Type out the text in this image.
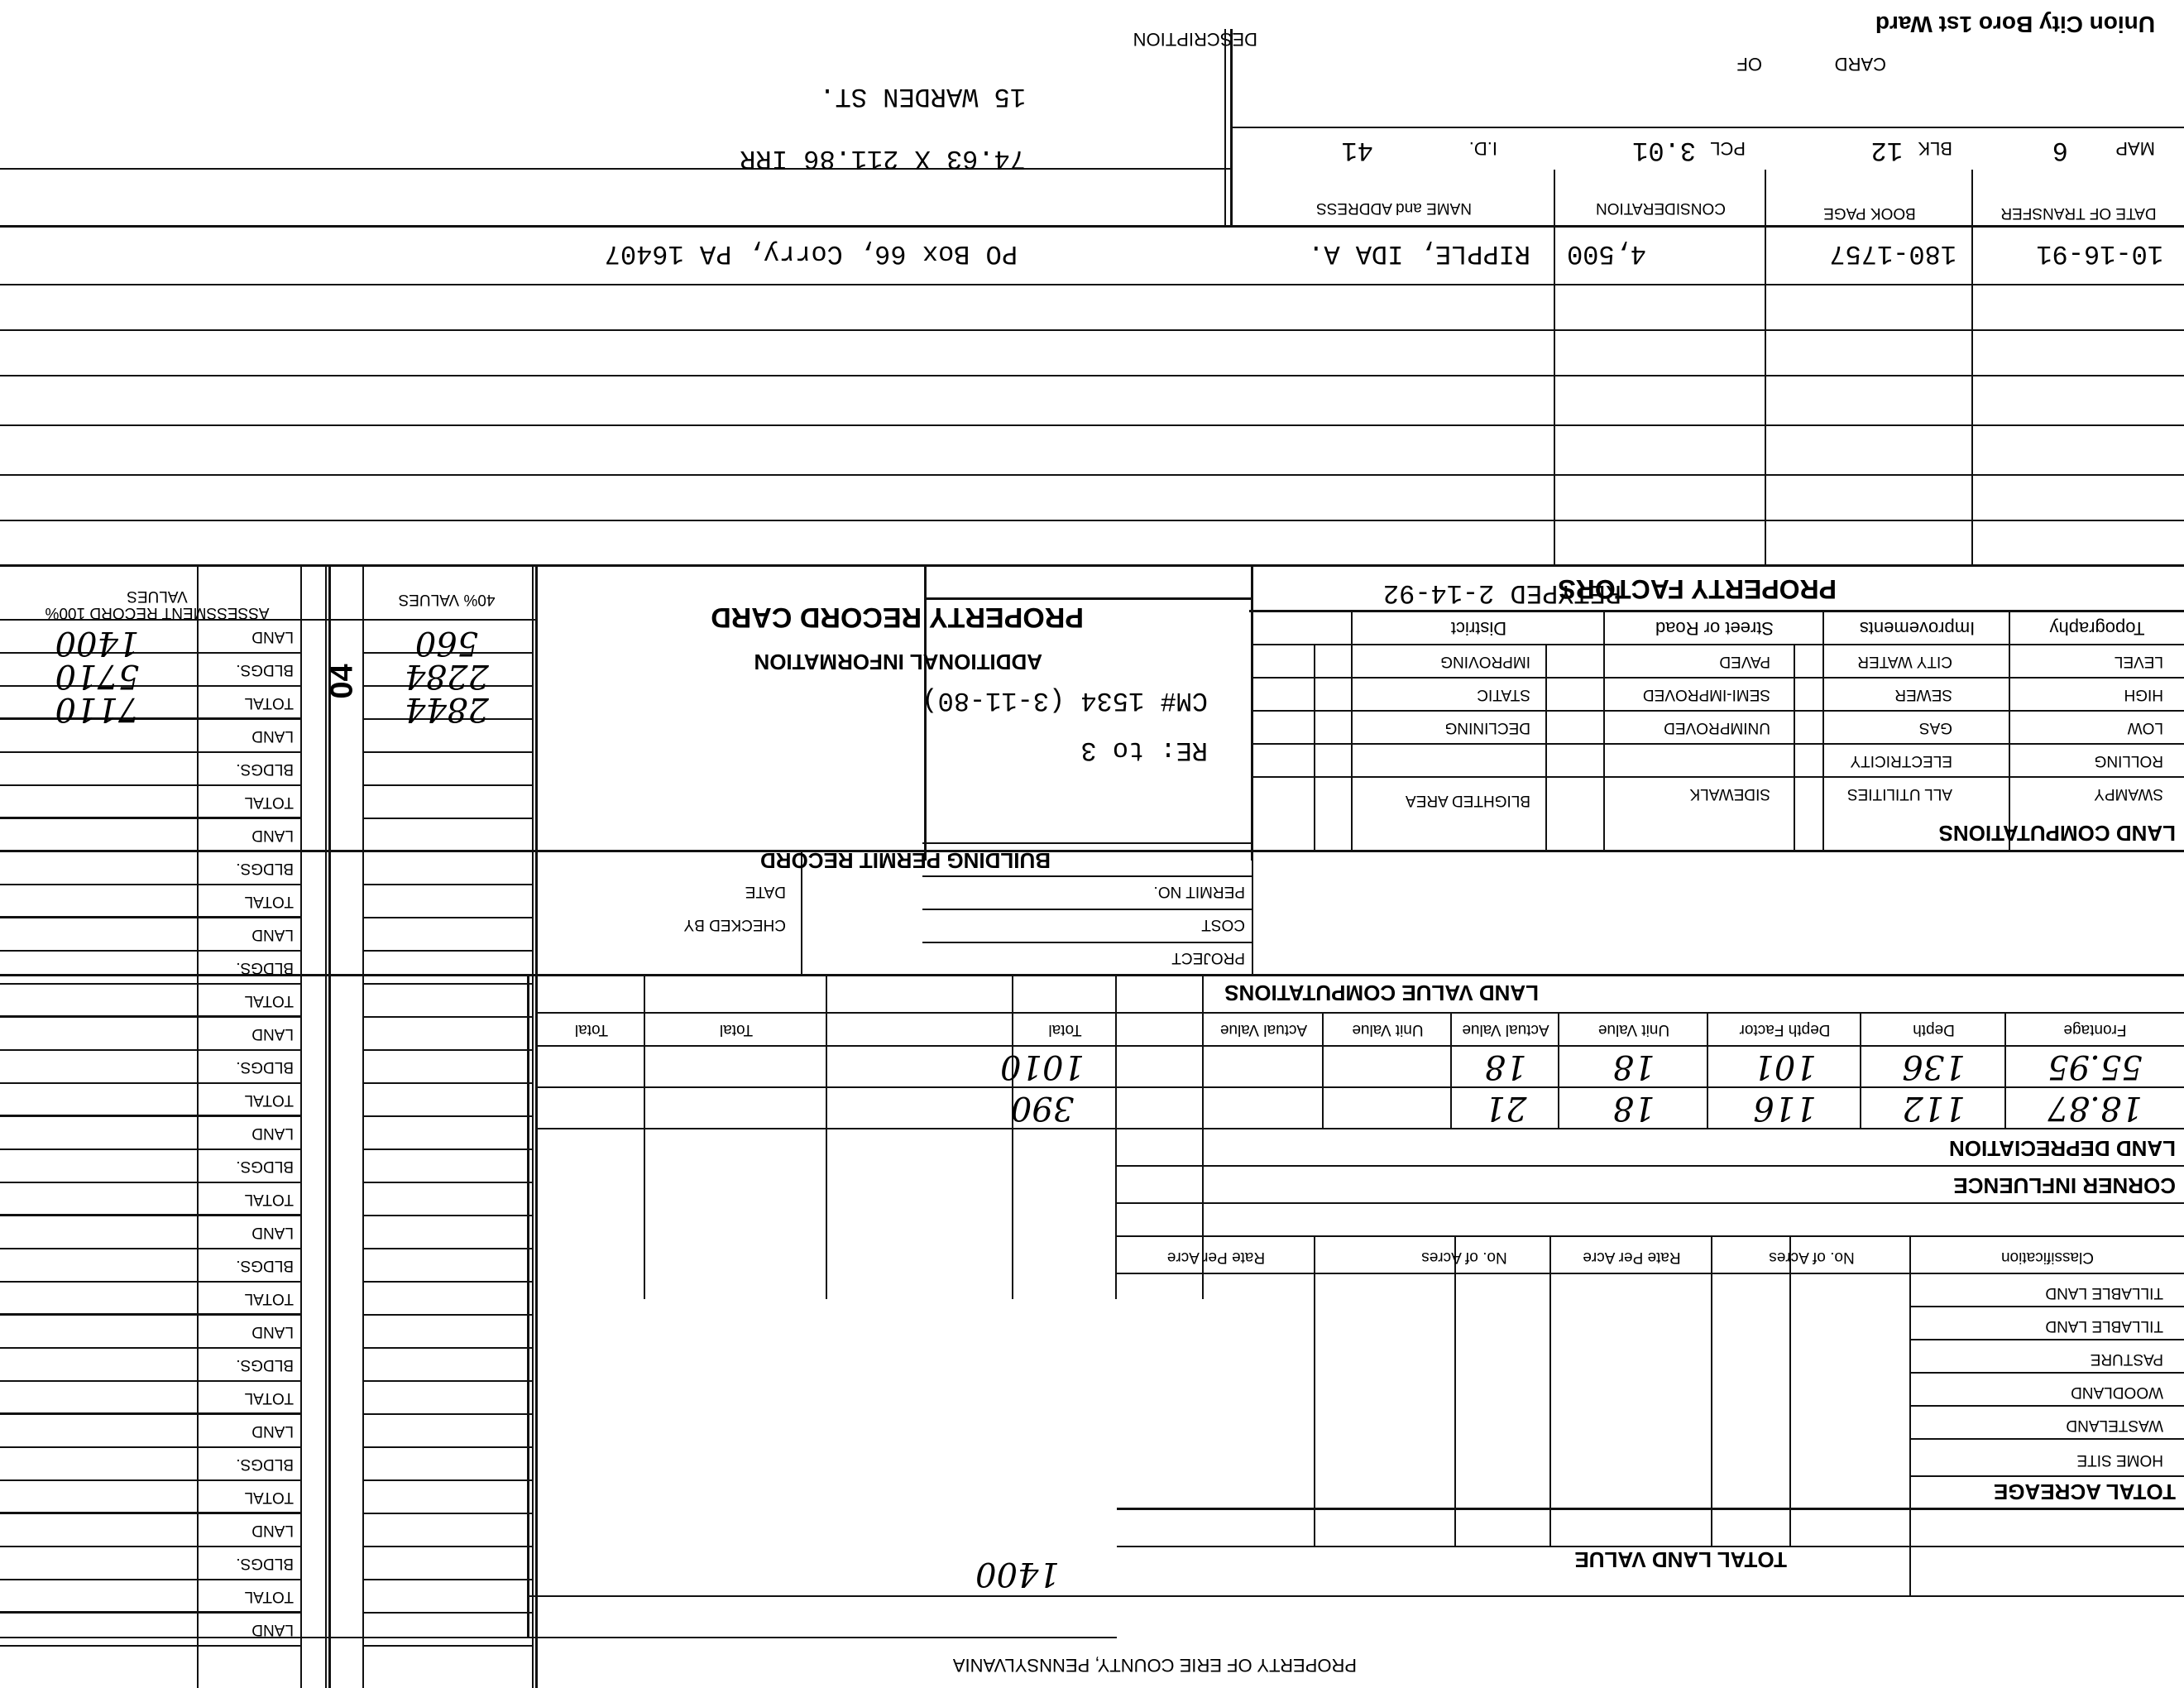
Union City Boro 1st Ward
CARD
OF
DESCRIPTION
PROPERTY OF ERIE COUNTY, PENNSYLVANIA
MAP
6
BLK
12
PCL
3.01
I.D.
41
15 WARDEN ST.
74.63 X 211.86 IRR
DATE OF TRANSFER
BOOK PAGE
CONSIDERATION
NAME and ADDRESS
10-16-91
180-1757
4,500
RIPPLE, IDA A.
PO Box 66, Corry, PA 16407
PROPERTY FACTORS
RETYPED 2-14-92
Topography
Improvements
Street or Road
District
LEVEL
HIGH
LOW
ROLLING
SWAMPY
CITY WATER
SEWER
GAS
ELECTRICITY
ALL UTILITIES
PAVED
SEMI-IMPROVED
UNIMPROVED
SIDEWALK
IMPROVING
STATIC
DECLINING
BLIGHTED AREA
LAND COMPUTATIONS
PROPERTY RECORD CARD
ADDITIONAL INFORMATION
CM# 1534 (3-11-80)
RE: to 3
BUILDING PERMIT RECORD
PERMIT NO.
COST
PROJECT
DATE
CHECKED BY
LAND VALUE COMPUTATIONS
Frontage
Depth
Depth Factor
Unit Value
Actual Value
Unit Value
Actual Value
Total
Total
Total
55.95
136
101
18
18
1010
18.87
112
116
18
21
390
LAND DEPRECIATION
CORNER INFLUENCE
Classification
No. of Acres
Rate Per Acre
No. of Acres
Rate Per Acre
TILLABLE LAND
TILLABLE LAND
PASTURE
WOODLAND
WASTELAND
HOME SITE
TOTAL ACREAGE
TOTAL LAND VALUE
1400
40% VALUES
ASSESSMENT RECORD 100% VALUES
LAND
BLDGS.
TOTAL
LAND
BLDGS.
TOTAL
LAND
BLDGS.
TOTAL
LAND
BLDGS.
TOTAL
LAND
BLDGS.
TOTAL
LAND
BLDGS.
TOTAL
LAND
BLDGS.
TOTAL
LAND
BLDGS.
TOTAL
LAND
BLDGS.
TOTAL
LAND
BLDGS.
TOTAL
LAND
04
560
2284
2844
1400
5710
7110
